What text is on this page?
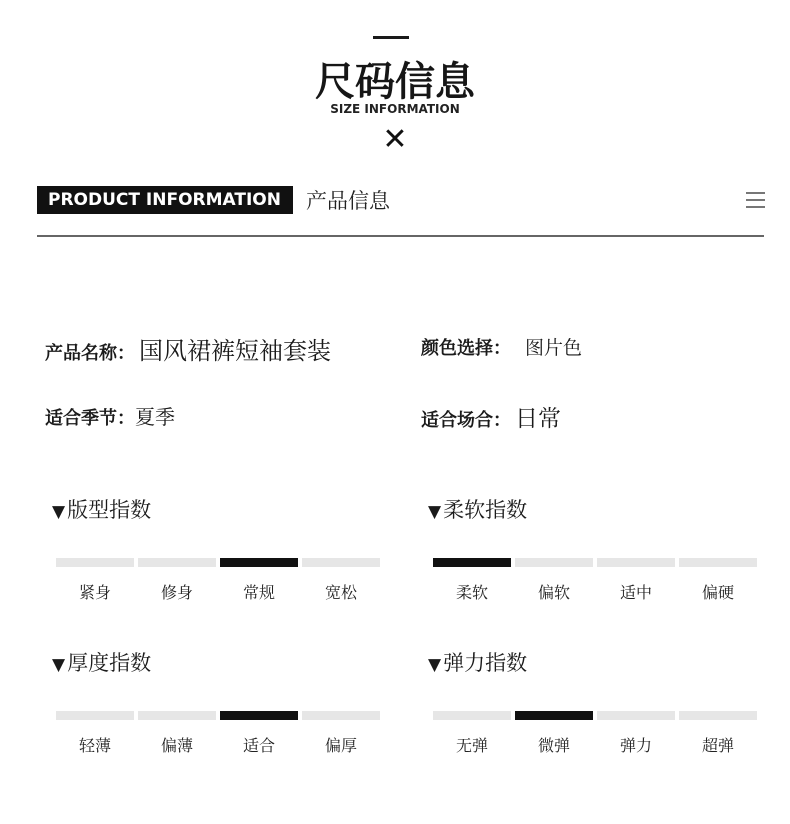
尺码信息
SIZE INFORMATION
✕
PRODUCT INFORMATION	产品信息
产品名称： 国风裙裤短袖套装	颜色选择： 图片色
适合季节：夏季	适合场合： 日常
▼版型指数	▼柔软指数
▼厚度指数	▼弹力指数
紧身	修身	常规	宽松	柔软	偏软	适中	偏硬
轻薄	偏薄	适合	偏厚	无弹	微弹	弹力	超弹
